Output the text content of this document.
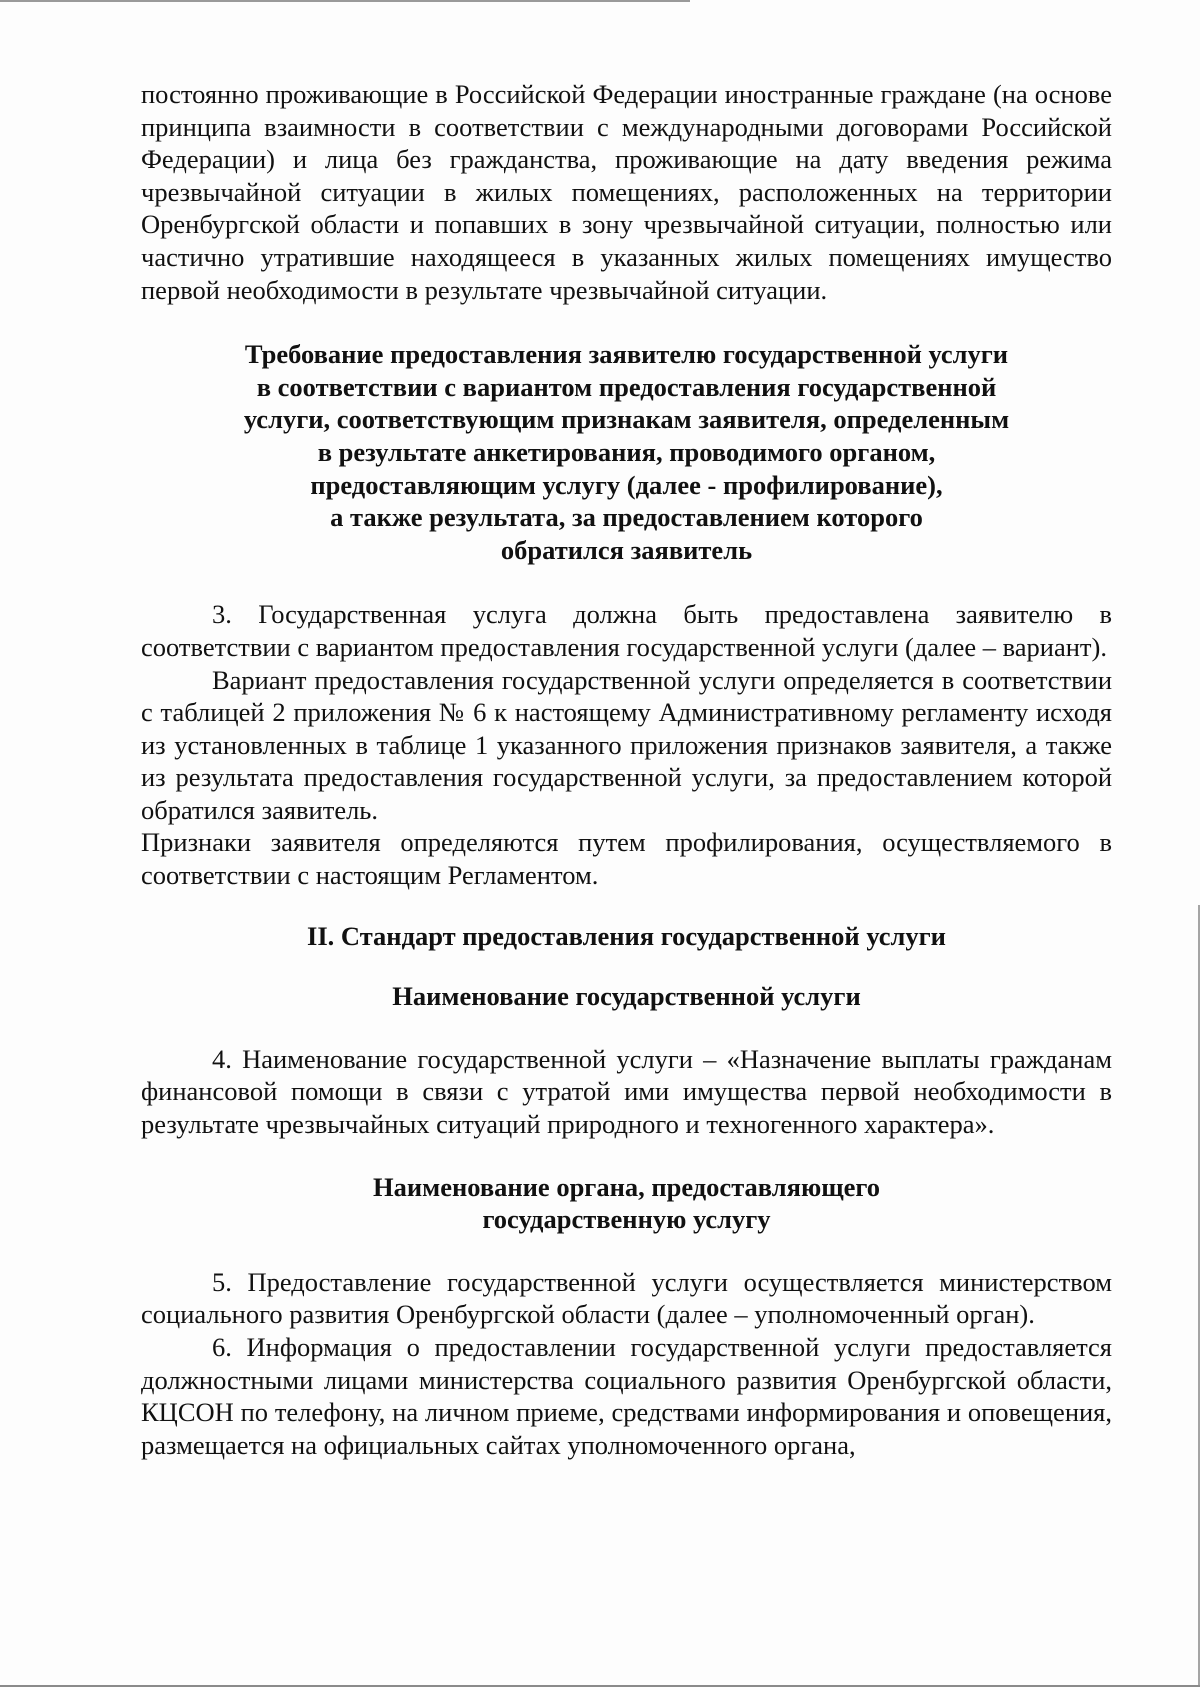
постоянно проживающие в Российской Федерации иностранные граждане (на основе принципа взаимности в соответствии с международными договорами Российской Федерации) и лица без гражданства, проживающие на дату введения режима чрезвычайной ситуации в жилых помещениях, расположенных на территории Оренбургской области и попавших в зону чрезвычайной ситуации, полностью или частично утратившие находящееся в указанных жилых помещениях имущество первой необходимости в результате чрезвычайной ситуации.

Требование предоставления заявителю государственной услуги
в соответствии с вариантом предоставления государственной
услуги, соответствующим признакам заявителя, определенным
в результате анкетирования, проводимого органом,
предоставляющим услугу (далее - профилирование),
а также результата, за предоставлением которого
обратился заявитель

3. Государственная услуга должна быть предоставлена заявителю в соответствии с вариантом предоставления государственной услуги (далее – вариант).

Вариант предоставления государственной услуги определяется в соответствии с таблицей 2 приложения № 6 к настоящему Административному регламенту исходя из установленных в таблице 1 указанного приложения признаков заявителя, а также из результата предоставления государственной услуги, за предоставлением которой обратился заявитель.

Признаки заявителя определяются путем профилирования, осуществляемого в соответствии с настоящим Регламентом.

II. Стандарт предоставления государственной услуги
Наименование государственной услуги

4. Наименование государственной услуги – «Назначение выплаты гражданам финансовой помощи в связи с утратой ими имущества первой необходимости в результате чрезвычайных ситуаций природного и техногенного характера».

Наименование органа, предоставляющего
государственную услугу

5. Предоставление государственной услуги осуществляется министерством социального развития Оренбургской области (далее – уполномоченный орган).

6. Информация о предоставлении государственной услуги предоставляется должностными лицами министерства социального развития Оренбургской области, КЦСОН по телефону, на личном приеме, средствами информирования и оповещения, размещается на официальных сайтах уполномоченного органа,
